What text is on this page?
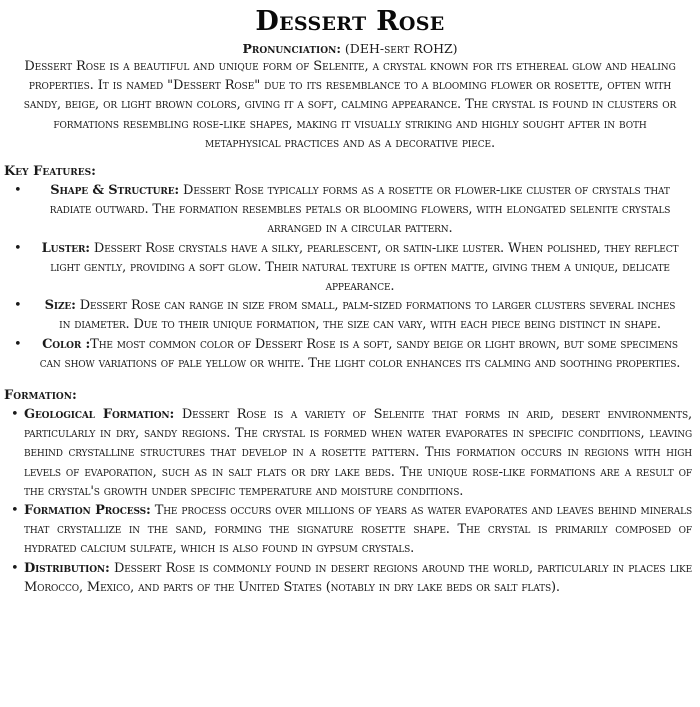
Dessert Rose
Pronunciation: (DEH-sert ROHZ)

Dessert Rose is a beautiful and unique form of Selenite, a crystal known for its ethereal glow and healing properties. It is named "Dessert Rose" due to its resemblance to a blooming flower or rosette, often with sandy, beige, or light brown colors, giving it a soft, calming appearance. The crystal is found in clusters or formations resembling rose-like shapes, making it visually striking and highly sought after in both metaphysical practices and as a decorative piece.

Key Features:
• Shape & Structure: Dessert Rose typically forms as a rosette or flower-like cluster of crystals that radiate outward. The formation resembles petals or blooming flowers, with elongated selenite crystals arranged in a circular pattern.
• Luster: Dessert Rose crystals have a silky, pearlescent, or satin-like luster. When polished, they reflect light gently, providing a soft glow. Their natural texture is often matte, giving them a unique, delicate appearance.
• Size: Dessert Rose can range in size from small, palm-sized formations to larger clusters several inches in diameter. Due to their unique formation, the size can vary, with each piece being distinct in shape.
• Color :The most common color of Dessert Rose is a soft, sandy beige or light brown, but some specimens can show variations of pale yellow or white. The light color enhances its calming and soothing properties.
Formation:
• Geological Formation: Dessert Rose is a variety of Selenite that forms in arid, desert environments, particularly in dry, sandy regions. The crystal is formed when water evaporates in specific conditions, leaving behind crystalline structures that develop in a rosette pattern. This formation occurs in regions with high levels of evaporation, such as in salt flats or dry lake beds. The unique rose-like formations are a result of the crystal's growth under specific temperature and moisture conditions.
• Formation Process: The process occurs over millions of years as water evaporates and leaves behind minerals that crystallize in the sand, forming the signature rosette shape. The crystal is primarily composed of hydrated calcium sulfate, which is also found in gypsum crystals.
• Distribution: Dessert Rose is commonly found in desert regions around the world, particularly in places like Morocco, Mexico, and parts of the United States (notably in dry lake beds or salt flats).
